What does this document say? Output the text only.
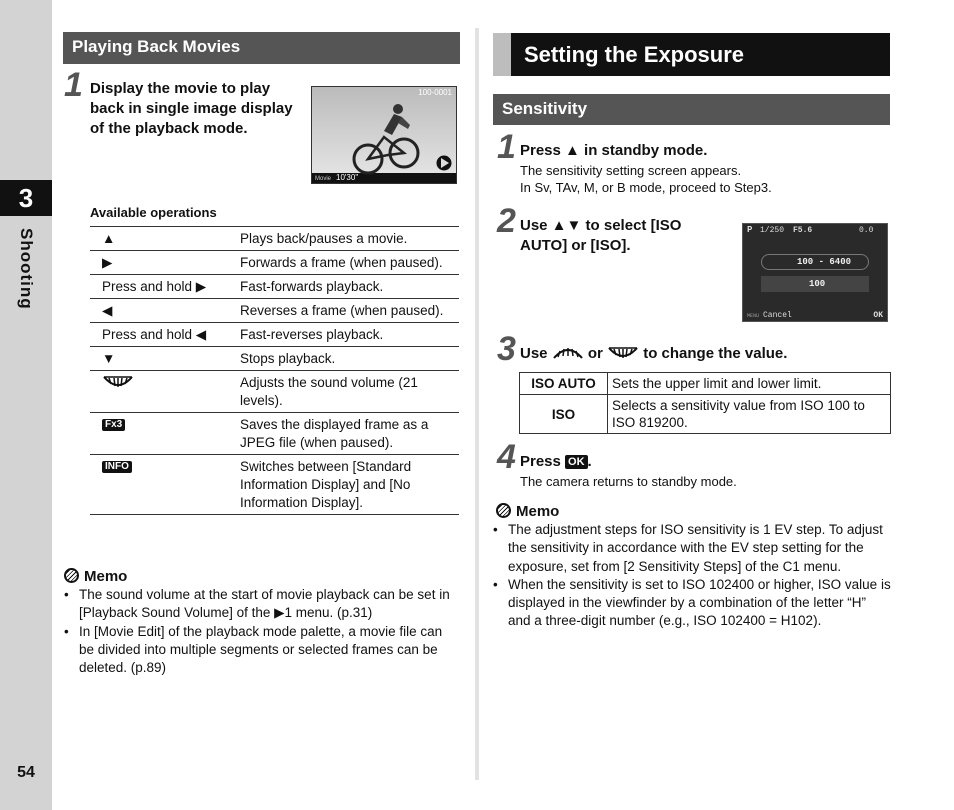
3
Shooting
54
Playing Back Movies
1 Display the movie to play back in single image display of the playback mode.
100-0001
Movie 10'30"
Available operations
▲	Plays back/pauses a movie.
▶	Forwards a frame (when paused).
Press and hold ▶	Fast-forwards playback.
◀	Reverses a frame (when paused).
Press and hold ◀	Fast-reverses playback.
▼	Stops playback.
	Adjusts the sound volume (21 levels).
Fx3	Saves the displayed frame as a JPEG file (when paused).
INFO	Switches between [Standard Information Display] and [No Information Display].
Memo
• The sound volume at the start of movie playback can be set in [Playback Sound Volume] of the ▶1 menu. (p.31)
• In [Movie Edit] of the playback mode palette, a movie file can be divided into multiple segments or selected frames can be deleted. (p.89)
Setting the Exposure
Sensitivity
1 Press ▲ in standby mode.
The sensitivity setting screen appears.
In Sv, TAv, M, or B mode, proceed to Step3.
2 Use ▲▼ to select [ISO AUTO] or [ISO].
P 1/250 F5.6	0.0
100 - 6400
100
MENU Cancel	OK
3 Use	or	to change the value.
ISO AUTO	Sets the upper limit and lower limit.
ISO	Selects a sensitivity value from ISO 100 to ISO 819200.
4 Press OK .
The camera returns to standby mode.
Memo
• The adjustment steps for ISO sensitivity is 1 EV step. To adjust the sensitivity in accordance with the EV step setting for the exposure, set from [2 Sensitivity Steps] of the C1 menu.
• When the sensitivity is set to ISO 102400 or higher, ISO value is displayed in the viewfinder by a combination of the letter “H” and a three-digit number (e.g., ISO 102400 = H102).
